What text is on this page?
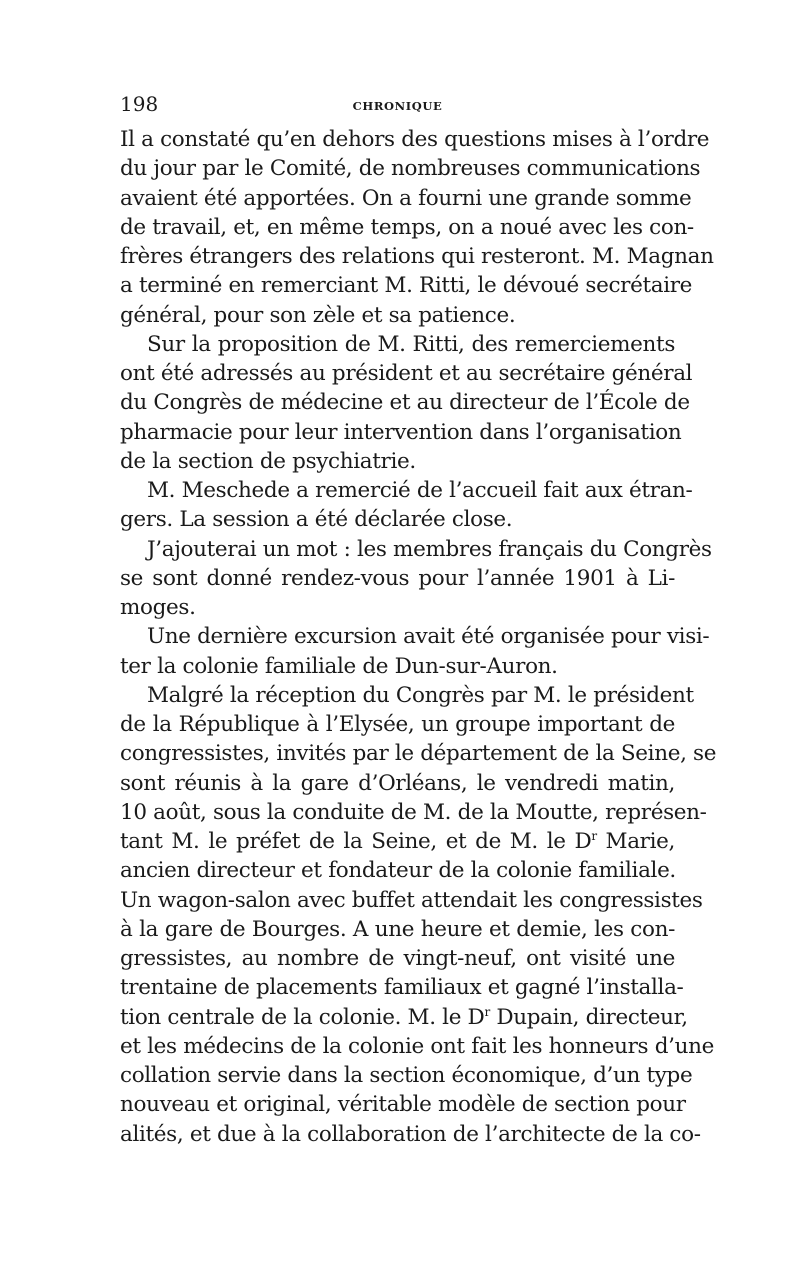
198	CHRONIQUE
Il a constaté qu’en dehors des questions mises à l’ordre
du jour par le Comité, de nombreuses communications
avaient été apportées. On a fourni une grande somme
de travail, et, en même temps, on a noué avec les con-
frères étrangers des relations qui resteront. M. Magnan
a terminé en remerciant M. Ritti, le dévoué secrétaire
général, pour son zèle et sa patience.
Sur la proposition de M. Ritti, des remerciements
ont été adressés au président et au secrétaire général
du Congrès de médecine et au directeur de l’École de
pharmacie pour leur intervention dans l’organisation
de la section de psychiatrie.
M. Meschede a remercié de l’accueil fait aux étran-
gers. La session a été déclarée close.
J’ajouterai un mot : les membres français du Congrès
se sont donné rendez-vous pour l’année 1901 à Li-
moges.
Une dernière excursion avait été organisée pour visi-
ter la colonie familiale de Dun-sur-Auron.
Malgré la réception du Congrès par M. le président
de la République à l’Elysée, un groupe important de
congressistes, invités par le département de la Seine, se
sont réunis à la gare d’Orléans, le vendredi matin,
10 août, sous la conduite de M. de la Moutte, représen-
tant M. le préfet de la Seine, et de M. le $D^r$ Marie,
ancien directeur et fondateur de la colonie familiale.
Un wagon-salon avec buffet attendait les congressistes
à la gare de Bourges. A une heure et demie, les con-
gressistes, au nombre de vingt-neuf, ont visité une
trentaine de placements familiaux et gagné l’installa-
tion centrale de la colonie. M. le $D^r$ Dupain, directeur,
et les médecins de la colonie ont fait les honneurs d’une
collation servie dans la section économique, d’un type
nouveau et original, véritable modèle de section pour
alités, et due à la collaboration de l’architecte de la co-
